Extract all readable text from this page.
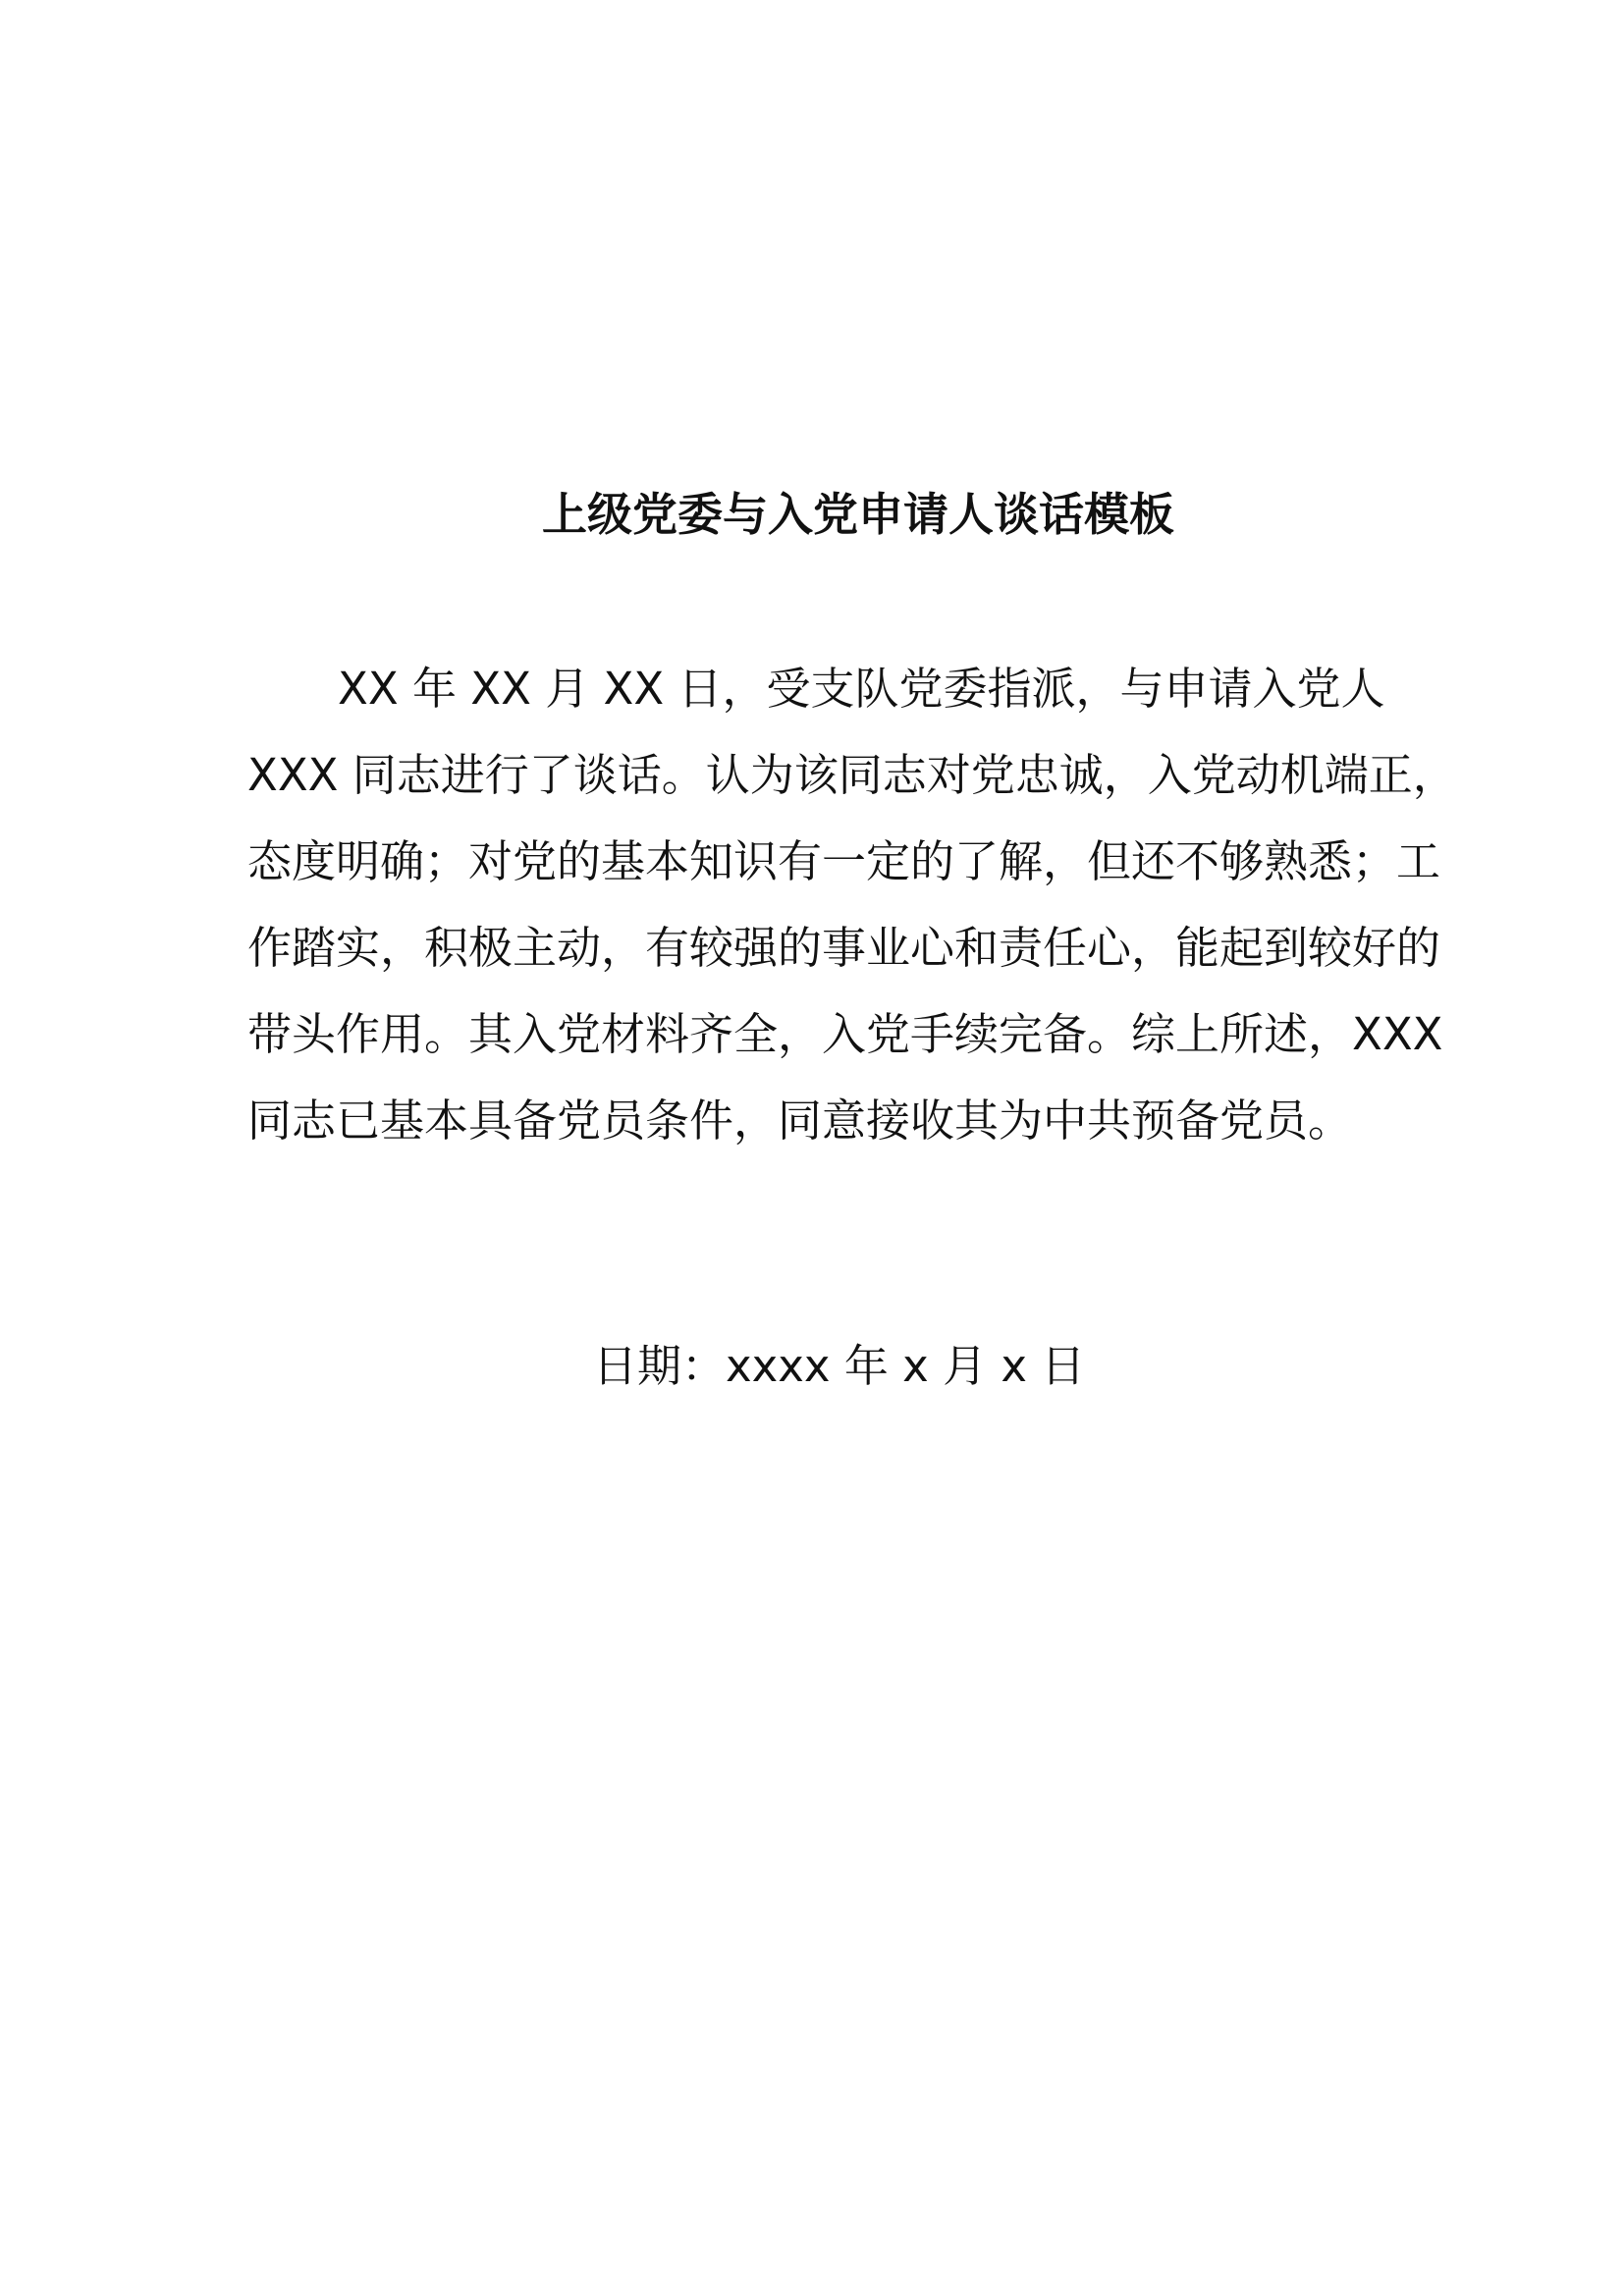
上级党委与入党申请人谈话模板
XX 年 XX 月 XX 日，受支队党委指派，与申请入党人
XXX 同志进行了谈话。认为该同志对党忠诚，入党动机端正，
态度明确；对党的基本知识有一定的了解，但还不够熟悉；工
作踏实，积极主动，有较强的事业心和责任心，能起到较好的
带头作用。其入党材料齐全，入党手续完备。综上所述，XXX
同志已基本具备党员条件，同意接收其为中共预备党员。
日期：xxxx 年 x 月 x 日
